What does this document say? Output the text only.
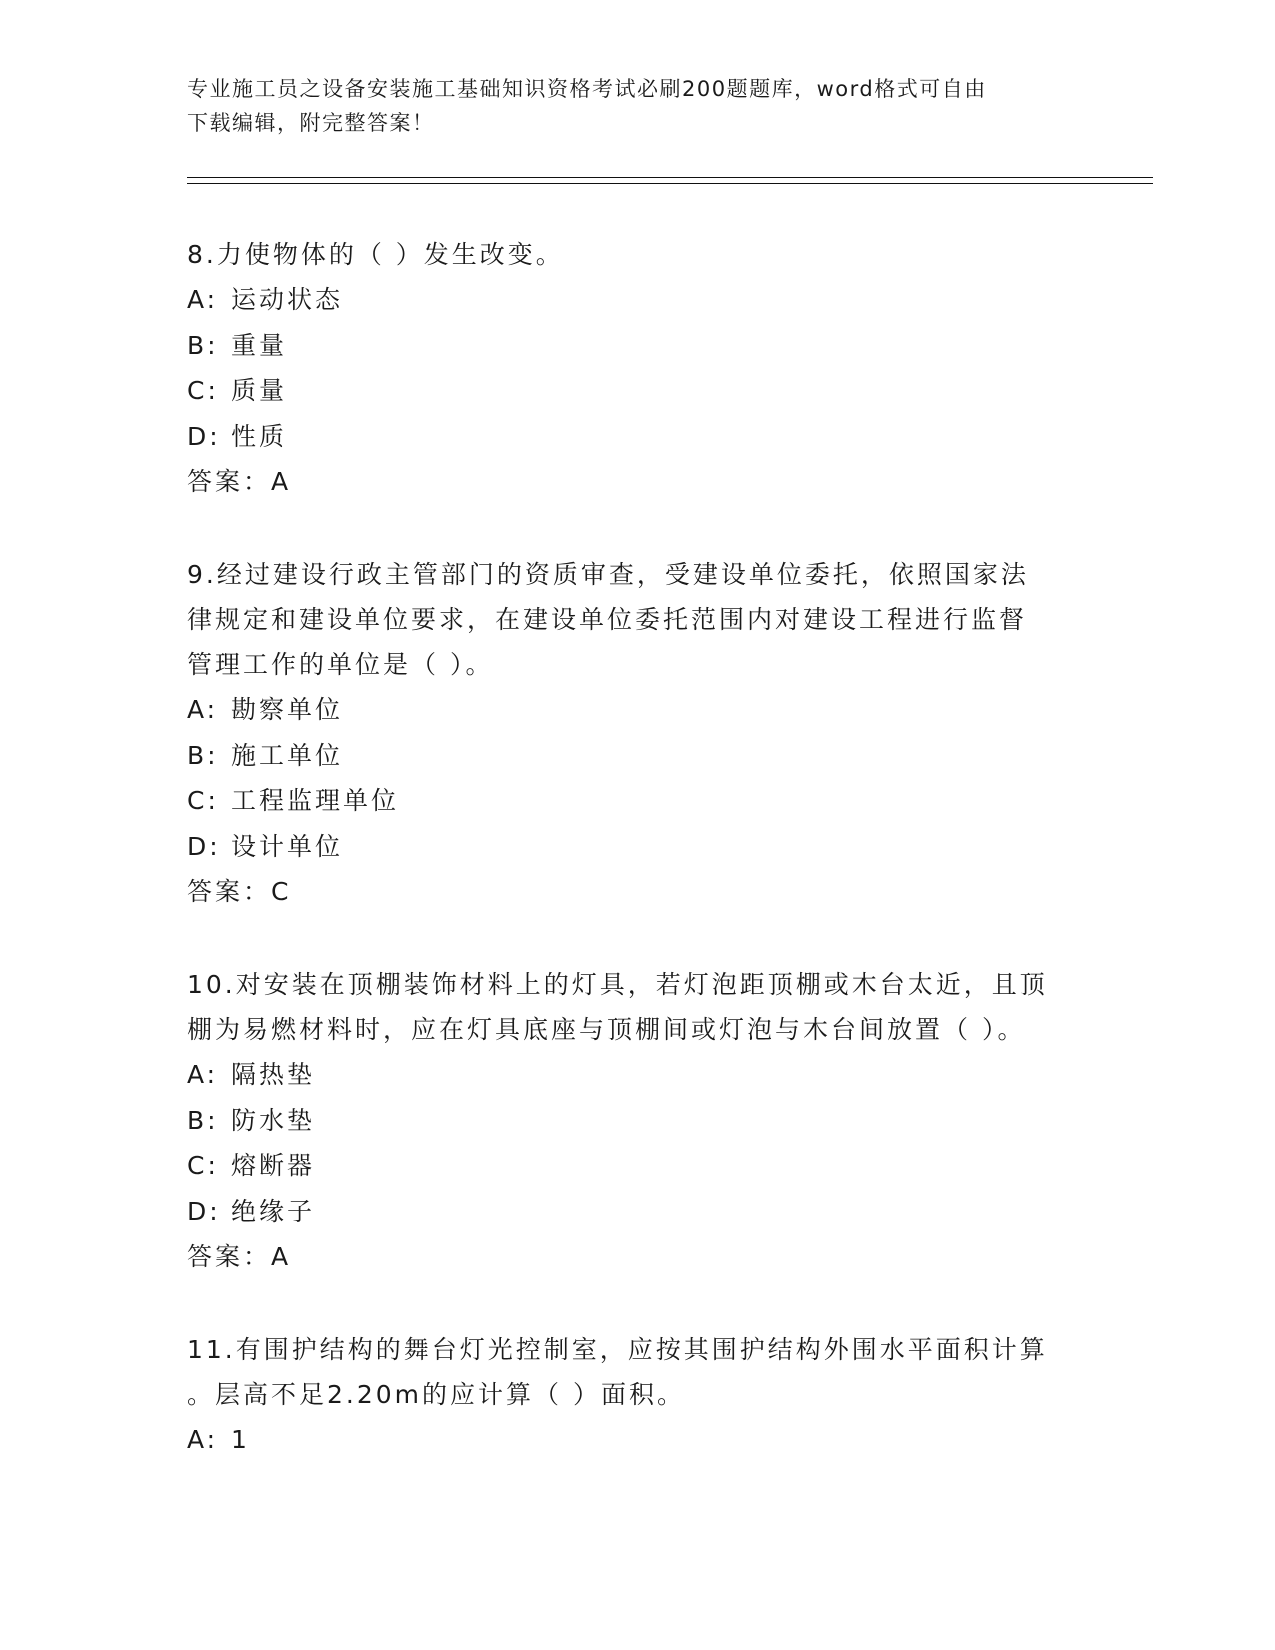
专业施工员之设备安装施工基础知识资格考试必刷200题题库，word格式可自由
下载编辑，附完整答案！

8.力使物体的（ ）发生改变。

A: 运动状态

B: 重量

C: 质量

D: 性质

答案：A

9.经过建设行政主管部门的资质审查，受建设单位委托，依照国家法

律规定和建设单位要求，在建设单位委托范围内对建设工程进行监督

管理工作的单位是（ ）。

A: 勘察单位

B: 施工单位

C: 工程监理单位

D: 设计单位

答案：C

10.对安装在顶棚装饰材料上的灯具，若灯泡距顶棚或木台太近，且顶

棚为易燃材料时，应在灯具底座与顶棚间或灯泡与木台间放置（ ）。

A: 隔热垫

B: 防水垫

C: 熔断器

D: 绝缘子

答案：A

11.有围护结构的舞台灯光控制室，应按其围护结构外围水平面积计算

。层高不足2.20m的应计算（ ）面积。

A: 1
